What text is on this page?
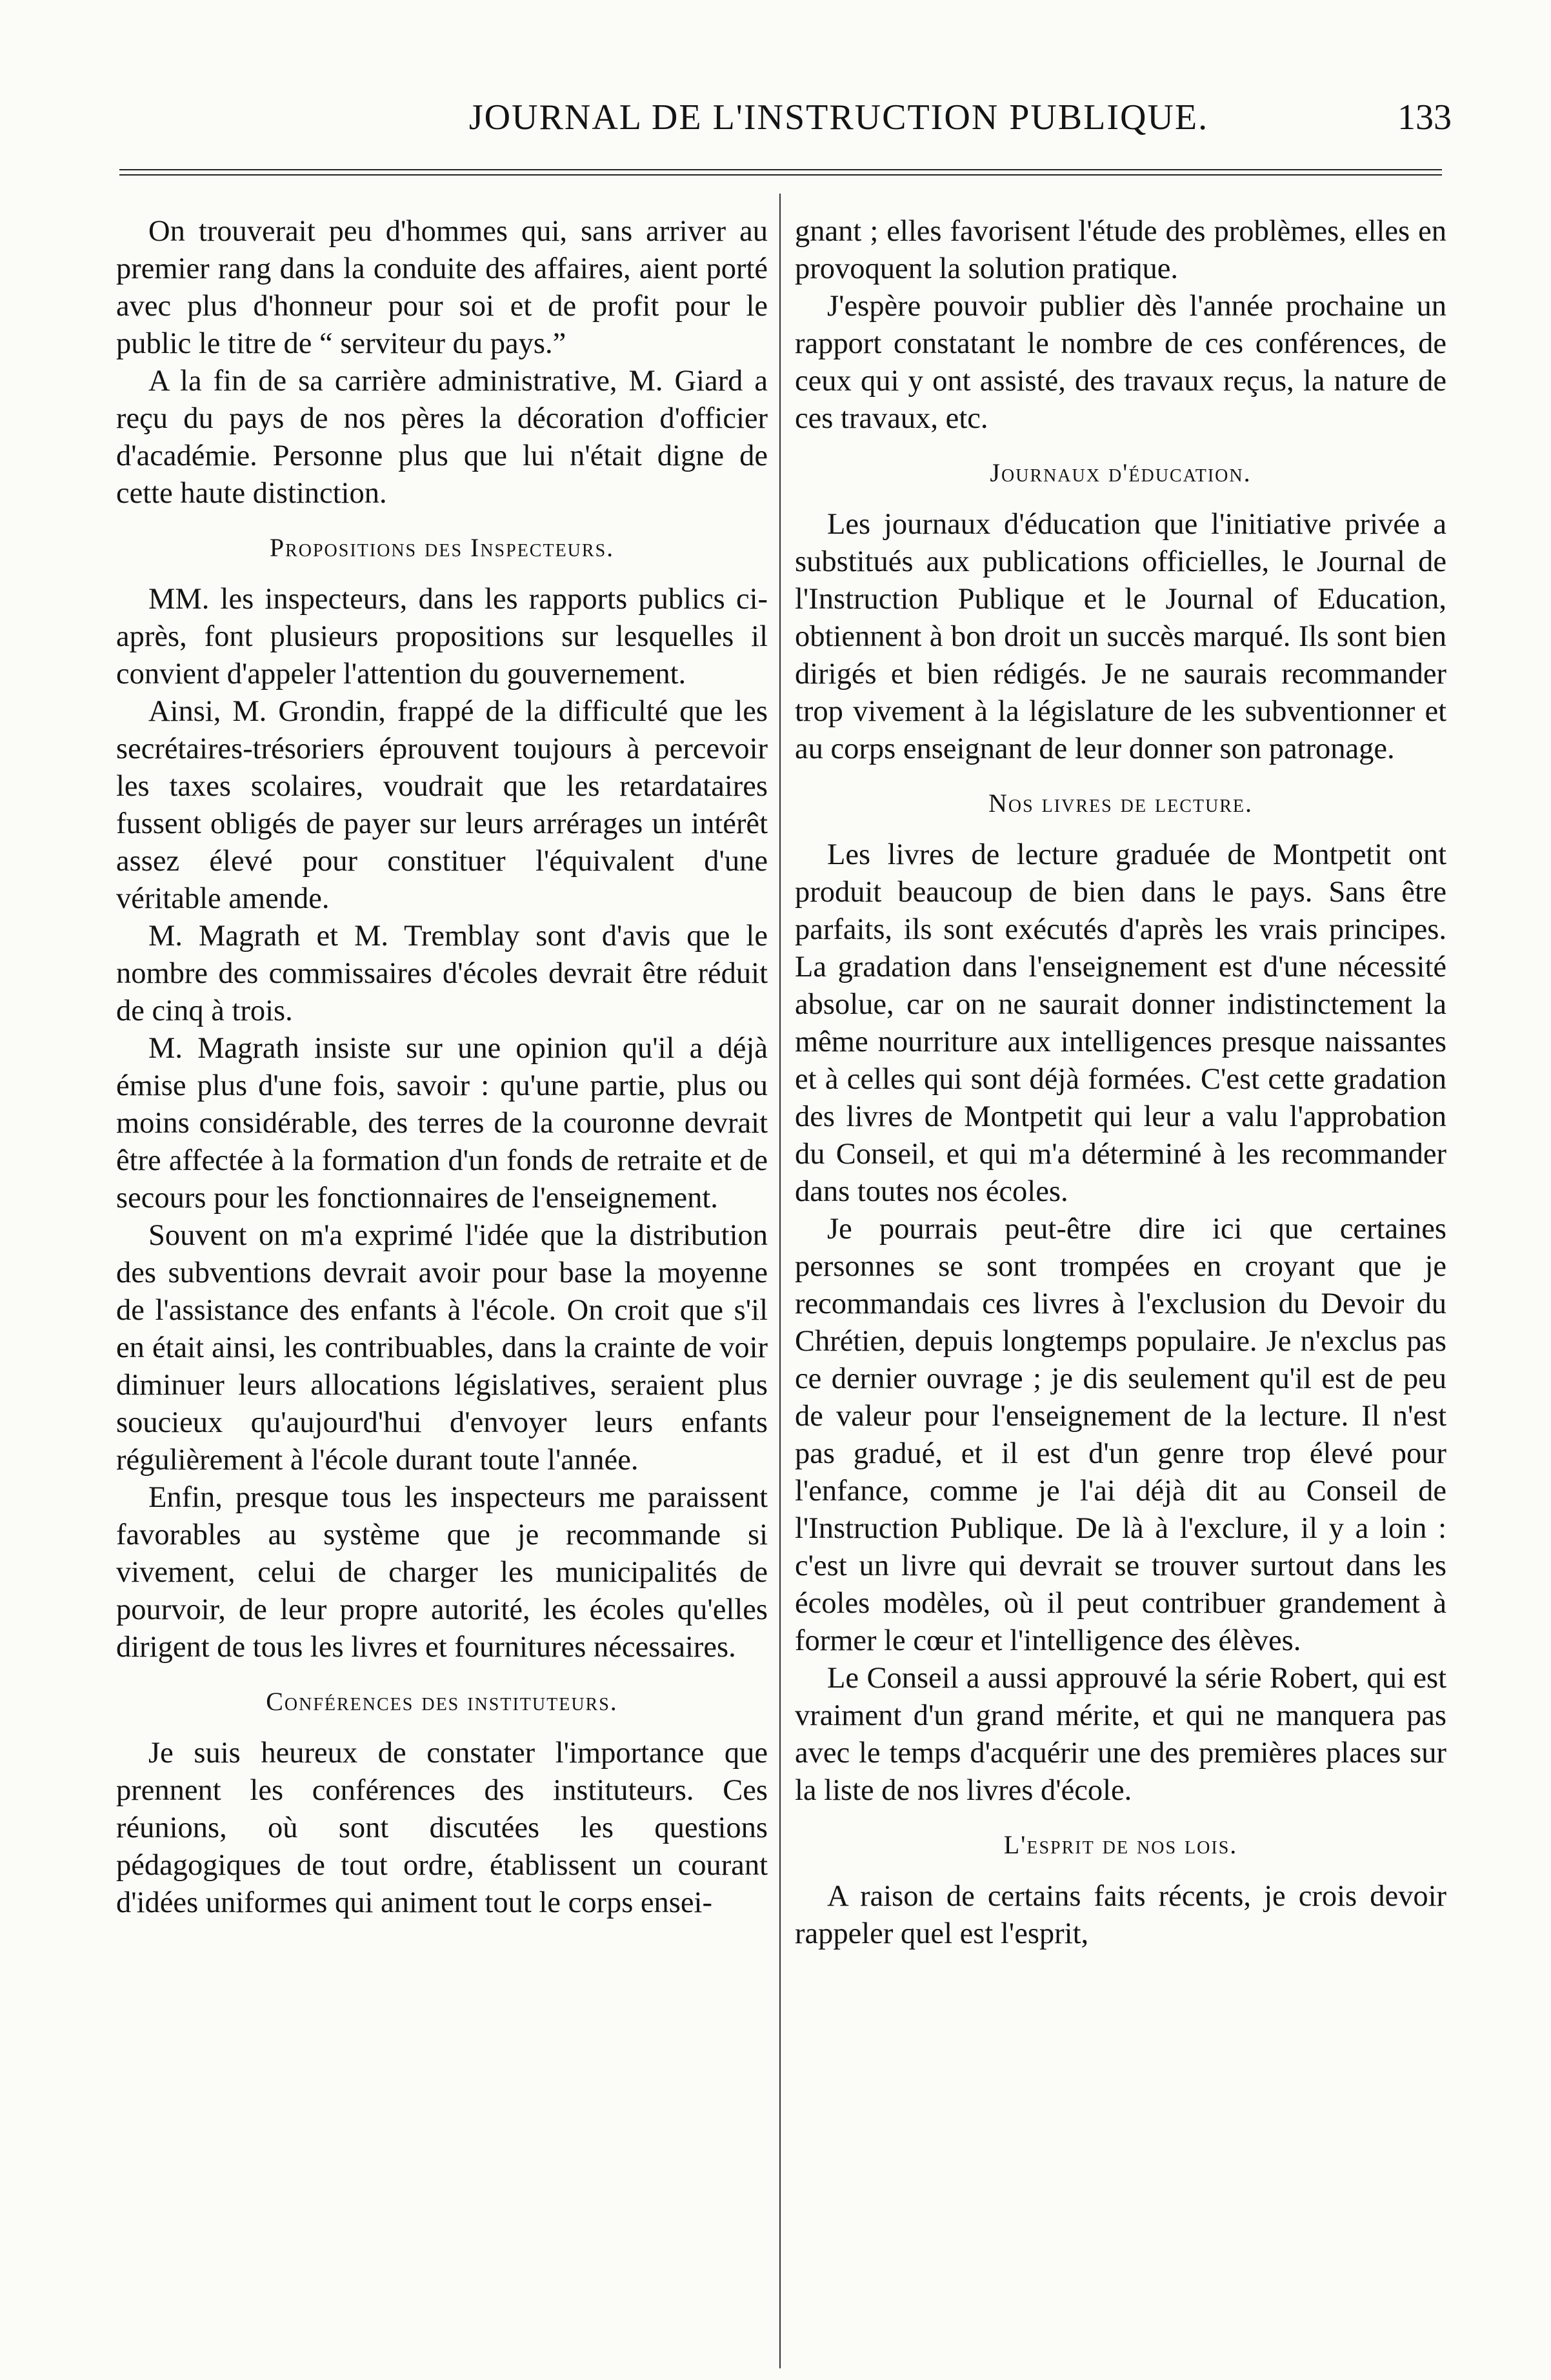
JOURNAL DE L'INSTRUCTION PUBLIQUE.	133

On trouverait peu d'hommes qui, sans arriver au premier rang dans la conduite des affaires, aient porté avec plus d'honneur pour soi et de profit pour le public le titre de “ serviteur du pays.”

A la fin de sa carrière administrative, M. Giard a reçu du pays de nos pères la décoration d'officier d'académie. Personne plus que lui n'était digne de cette haute distinction.

Propositions des Inspecteurs.

MM. les inspecteurs, dans les rapports publics ci-après, font plusieurs propositions sur lesquelles il convient d'appeler l'attention du gouvernement.

Ainsi, M. Grondin, frappé de la difficulté que les secrétaires-trésoriers éprouvent toujours à percevoir les taxes scolaires, voudrait que les retardataires fussent obligés de payer sur leurs arrérages un intérêt assez élevé pour constituer l'équivalent d'une véritable amende.

M. Magrath et M. Tremblay sont d'avis que le nombre des commissaires d'écoles devrait être réduit de cinq à trois.

M. Magrath insiste sur une opinion qu'il a déjà émise plus d'une fois, savoir : qu'une partie, plus ou moins considérable, des terres de la couronne devrait être affectée à la formation d'un fonds de retraite et de secours pour les fonctionnaires de l'enseignement.

Souvent on m'a exprimé l'idée que la distribution des subventions devrait avoir pour base la moyenne de l'assistance des enfants à l'école. On croit que s'il en était ainsi, les contribuables, dans la crainte de voir diminuer leurs allocations législatives, seraient plus soucieux qu'aujourd'hui d'envoyer leurs enfants régulièrement à l'école durant toute l'année.

Enfin, presque tous les inspecteurs me paraissent favorables au système que je recommande si vivement, celui de charger les municipalités de pourvoir, de leur propre autorité, les écoles qu'elles dirigent de tous les livres et fournitures nécessaires.

Conférences des instituteurs.

Je suis heureux de constater l'importance que prennent les conférences des instituteurs. Ces réunions, où sont discutées les questions pédagogiques de tout ordre, établissent un courant d'idées uniformes qui animent tout le corps ensei-

gnant ; elles favorisent l'étude des problèmes, elles en provoquent la solution pratique.

J'espère pouvoir publier dès l'année prochaine un rapport constatant le nombre de ces conférences, de ceux qui y ont assisté, des travaux reçus, la nature de ces travaux, etc.

Journaux d'éducation.

Les journaux d'éducation que l'initiative privée a substitués aux publications officielles, le Journal de l'Instruction Publique et le Journal of Education, obtiennent à bon droit un succès marqué. Ils sont bien dirigés et bien rédigés. Je ne saurais recommander trop vivement à la législature de les subventionner et au corps enseignant de leur donner son patronage.

Nos livres de lecture.

Les livres de lecture graduée de Montpetit ont produit beaucoup de bien dans le pays. Sans être parfaits, ils sont exécutés d'après les vrais principes. La gradation dans l'enseignement est d'une nécessité absolue, car on ne saurait donner indistinctement la même nourriture aux intelligences presque naissantes et à celles qui sont déjà formées. C'est cette gradation des livres de Montpetit qui leur a valu l'approbation du Conseil, et qui m'a déterminé à les recommander dans toutes nos écoles.

Je pourrais peut-être dire ici que certaines personnes se sont trompées en croyant que je recommandais ces livres à l'exclusion du Devoir du Chrétien, depuis longtemps populaire. Je n'exclus pas ce dernier ouvrage ; je dis seulement qu'il est de peu de valeur pour l'enseignement de la lecture. Il n'est pas gradué, et il est d'un genre trop élevé pour l'enfance, comme je l'ai déjà dit au Conseil de l'Instruction Publique. De là à l'exclure, il y a loin : c'est un livre qui devrait se trouver surtout dans les écoles modèles, où il peut contribuer grandement à former le cœur et l'intelligence des élèves.

Le Conseil a aussi approuvé la série Robert, qui est vraiment d'un grand mérite, et qui ne manquera pas avec le temps d'acquérir une des premières places sur la liste de nos livres d'école.

L'esprit de nos lois.

A raison de certains faits récents, je crois devoir rappeler quel est l'esprit,
